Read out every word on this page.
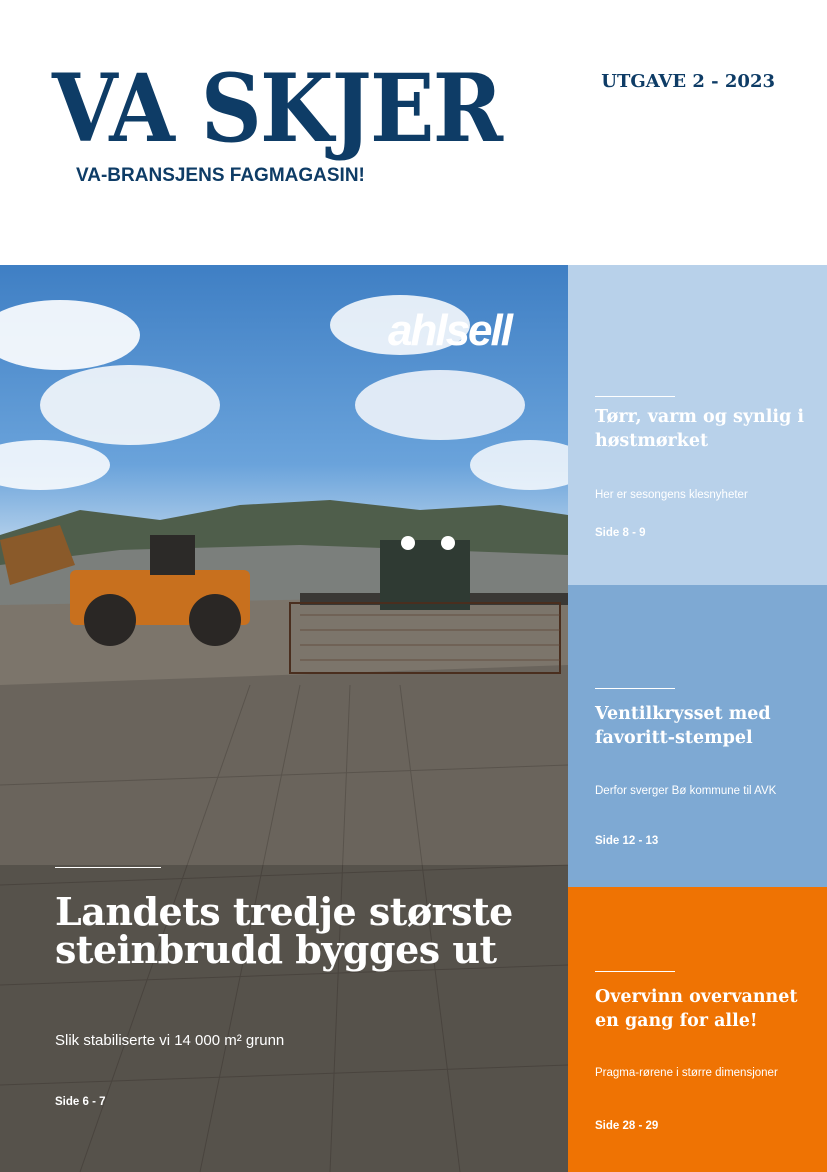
VA SKJER
VA-BRANSJENS FAGMAGASIN!
UTGAVE 2 - 2023
ahlsell
Landets tredje største steinbrudd bygges ut
Slik stabiliserte vi 14 000 m² grunn
Side 6 - 7
Tørr, varm og synlig i høstmørket
Her er sesongens klesnyheter
Side 8 - 9
Ventilkrysset med favoritt-stempel
Derfor sverger Bø kommune til AVK
Side 12 - 13
Overvinn overvannet en gang for alle!
Pragma-rørene i større dimensjoner
Side 28 - 29
